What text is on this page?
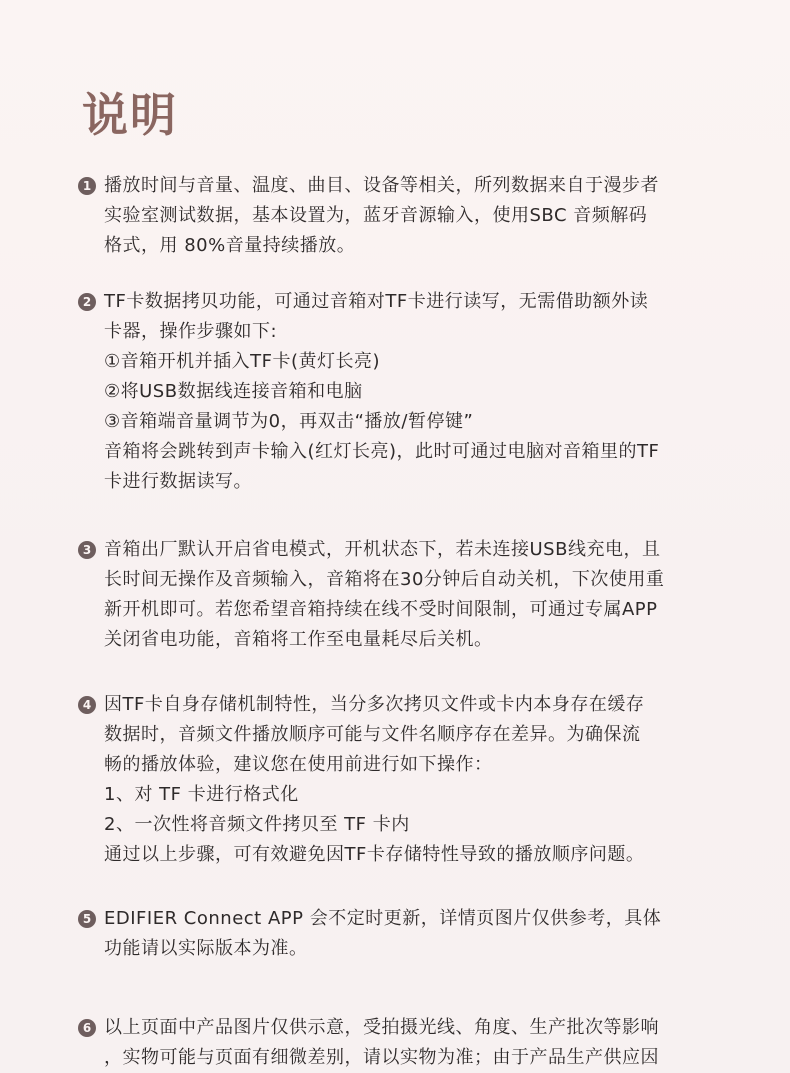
说明
1 播放时间与音量、温度、曲目、设备等相关，所列数据来自于漫步者
实验室测试数据，基本设置为，蓝牙音源输入，使用SBC 音频解码
格式，用 80%音量持续播放。
2 TF卡数据拷贝功能，可通过音箱对TF卡进行读写，无需借助额外读
卡器，操作步骤如下:
①音箱开机并插入TF卡(黄灯长亮)
②将USB数据线连接音箱和电脑
③音箱端音量调节为0，再双击“播放/暂停键”
音箱将会跳转到声卡输入(红灯长亮)，此时可通过电脑对音箱里的TF
卡进行数据读写。
3 音箱出厂默认开启省电模式，开机状态下，若未连接USB线充电，且
长时间无操作及音频输入，音箱将在30分钟后自动关机，下次使用重
新开机即可。若您希望音箱持续在线不受时间限制，可通过专属APP
关闭省电功能，音箱将工作至电量耗尽后关机。
4 因TF卡自身存储机制特性，当分多次拷贝文件或卡内本身存在缓存
数据时，音频文件播放顺序可能与文件名顺序存在差异。为确保流
畅的播放体验，建议您在使用前进行如下操作：
1、对 TF 卡进行格式化
2、一次性将音频文件拷贝至 TF 卡内
通过以上步骤，可有效避免因TF卡存储特性导致的播放顺序问题。
5 EDIFIER Connect APP 会不定时更新，详情页图片仅供参考，具体
功能请以实际版本为准。
6 以上页面中产品图片仅供示意，受拍摄光线、角度、生产批次等影响
，实物可能与页面有细微差别，请以实物为准；由于产品生产供应因
